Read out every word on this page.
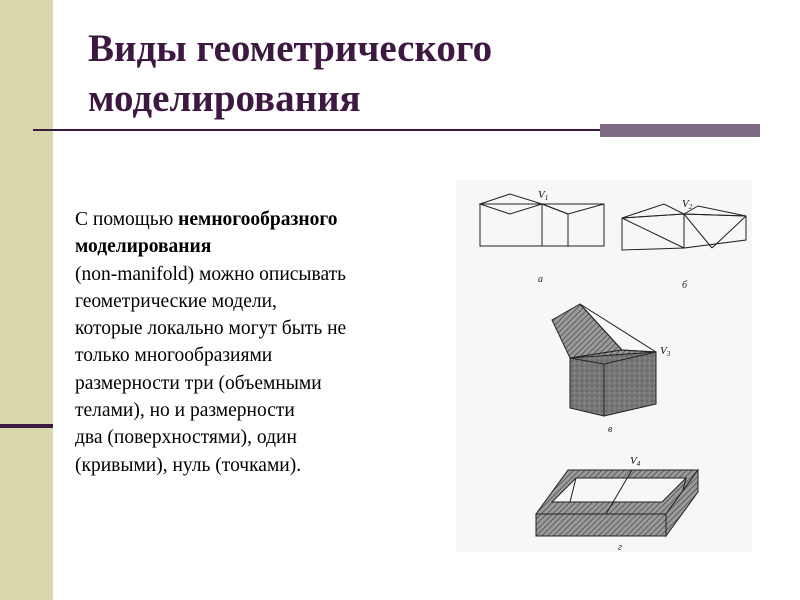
Виды геометрического
моделирования
С помощью немногообразного
моделирования
(non-manifold) можно описывать
геометрические модели,
которые локально могут быть не
только многообразиями
размерности три (объемными
телами), но и размерности
два (поверхностями), один
(кривыми), нуль (точками).
V1
а
V2
б
V3
в
V4
г
